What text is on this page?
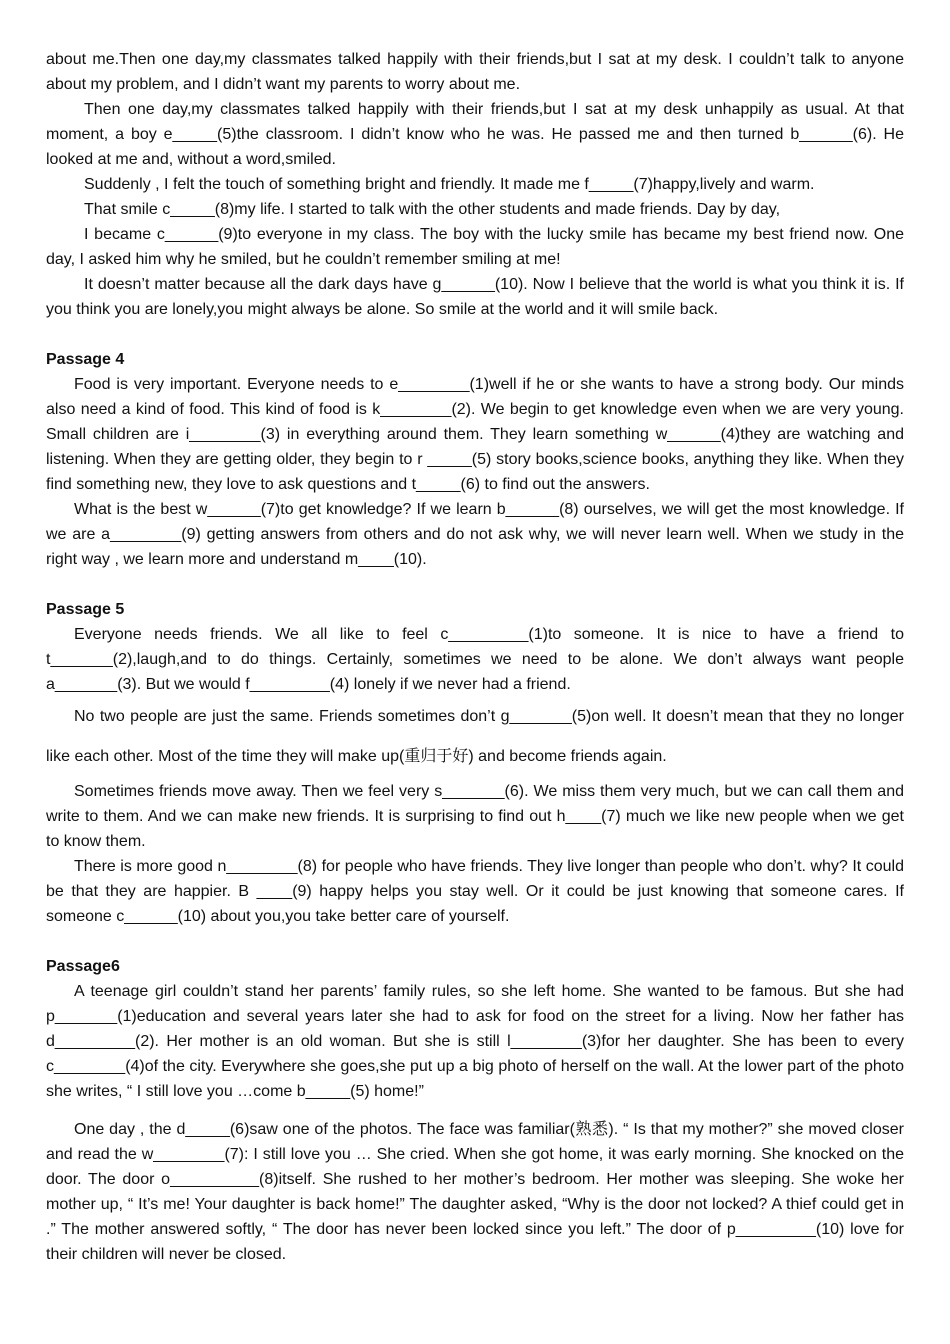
about me.Then one day,my classmates talked happily with their friends,but I sat at my desk. I couldn’t talk to anyone about my problem, and I didn’t want my parents to worry about me.

Then one day,my classmates talked happily with their friends,but I sat at my desk unhappily as usual. At that moment, a boy e_____(5)the classroom. I didn’t know who he was. He passed me and then turned b______(6). He looked at me and, without a word,smiled.

Suddenly , I felt the touch of something bright and friendly. It made me f_____(7)happy,lively and warm.

That smile c_____(8)my life. I started to talk with the other students and made friends. Day by day,

I became c______(9)to everyone in my class. The boy with the lucky smile has became my best friend now. One day, I asked him why he smiled, but he couldn’t remember smiling at me!

It doesn’t matter because all the dark days have g______(10). Now I believe that the world is what you think it is. If you think you are lonely,you might always be alone. So smile at the world and it will smile back.

Passage 4

Food is very important. Everyone needs to e________(1)well if he or she wants to have a strong body. Our minds also need a kind of food. This kind of food is k________(2). We begin to get knowledge even when we are very young. Small children are i________(3) in everything around them. They learn something w______(4)they are watching and listening. When they are getting older, they begin to r _____(5) story books,science books, anything they like. When they find something new, they love to ask questions and t_____(6) to find out the answers.

What is the best w______(7)to get knowledge? If we learn b______(8) ourselves, we will get the most knowledge. If we are a________(9) getting answers from others and do not ask why, we will never learn well. When we study in the right way , we learn more and understand m____(10).

Passage 5

Everyone needs friends. We all like to feel c_________(1)to someone. It is nice to have a friend to t_______(2),laugh,and to do things. Certainly, sometimes we need to be alone. We don’t always want people a_______(3). But we would f_________(4) lonely if we never had a friend.

No two people are just the same. Friends sometimes don’t g_______(5)on well. It doesn’t mean that they no longer like each other. Most of the time they will make up(重归于好) and become friends again.

Sometimes friends move away. Then we feel very s_______(6). We miss them very much, but we can call them and write to them. And we can make new friends. It is surprising to find out h____(7) much we like new people when we get to know them.

There is more good n________(8) for people who have friends. They live longer than people who don’t. why? It could be that they are happier. B ____(9) happy helps you stay well. Or it could be just knowing that someone cares. If someone c______(10) about you,you take better care of yourself.

Passage6

A teenage girl couldn’t stand her parents’ family rules, so she left home. She wanted to be famous. But she had p_______(1)education and several years later she had to ask for food on the street for a living. Now her father has d_________(2). Her mother is an old woman. But she is still l________(3)for her daughter. She has been to every c________(4)of the city. Everywhere she goes,she put up a big photo of herself on the wall. At the lower part of the photo she writes, “ I still love you …come b_____(5) home!”

One day , the d_____(6)saw one of the photos. The face was familiar(熟悉). “ Is that my mother?” she moved closer and read the w________(7): I still love you … She cried. When she got home, it was early morning. She knocked on the door. The door o__________(8)itself. She rushed to her mother’s bedroom. Her mother was sleeping. She woke her mother up, “ It’s me! Your daughter is back home!” The daughter asked, “Why is the door not locked? A thief could get in .” The mother answered softly, “ The door has never been locked since you left.” The door of p_________(10) love for their children will never be closed.
